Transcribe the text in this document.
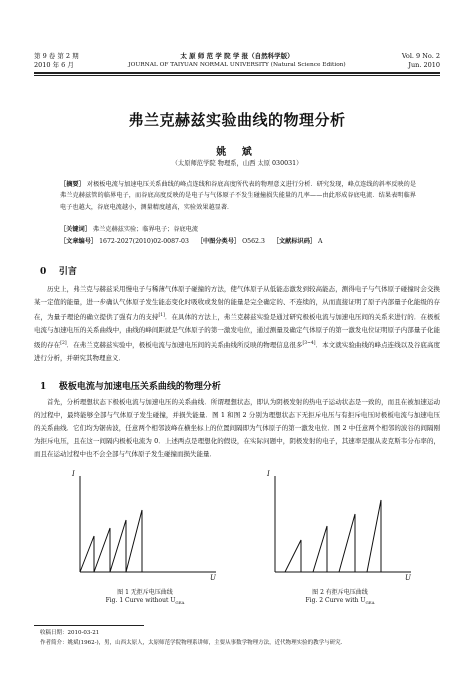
第 9 卷 第 2 期
2010 年 6 月
太 原 师 范 学 院 学 报（自然科学版）
JOURNAL OF TAIYUAN NORMAL UNIVERSITY (Natural Science Edition)
Vol. 9 No. 2
Jun. 2010
弗兰克赫兹实验曲线的物理分析
姚 斌
（太原师范学院 物理系，山西 太原 030031）
［摘要］ 对极板电流与加速电压关系曲线的峰点连线和谷底高度所代表的物理意义进行分析．研究发现，峰点连线的斜率反映的是弗兰克赫兹管的临界电子，而谷底高度反映的是电子与气体原子不发生碰撞损失能量的几率——由此形成谷底电流．结果表明临界电子也越大，谷底电流越小，测量精度越高，实验效果越显著．
［关键词］ 弗兰克赫兹实验；临界电子；谷底电流
［文章编号］ 1672-2027(2010)02-0087-03 ［中图分类号］ O562.3 ［文献标识码］ A
0 引言
历史上，弗兰克与赫兹采用慢电子与稀薄气体原子碰撞的方法，使气体原子从低能态激发到较高能态，测得电子与气体原子碰撞时会交换某一定值的能量，进一步确认气体原子发生能态变化时吸收或发射的能量是完全确定的、不连续的，从而直接证明了原子内部量子化能级的存在，为量子理论的确立提供了强有力的支持[1]．在具体的方法上，弗兰克赫兹实验是通过研究极板电流与加速电压间的关系来进行的．在极板电流与加速电压的关系曲线中，曲线的峰间距就是气体原子的第一激发电位，通过测量及确定气体原子的第一激发电位证明原子内部量子化能级的存在[2]．在弗兰克赫兹实验中，极板电流与加速电压间的关系曲线所反映的物理信息很多[3~4]．本文就实验曲线的峰点连线以及谷底高度进行分析，并研究其物理意义．
1 极板电流与加速电压关系曲线的物理分析
首先，分析理想状态下极板电流与加速电压的关系曲线．所谓理想状态，即认为阴极发射的热电子运动状态是一致的，而且在被加速运动的过程中，最终能够全部与气体原子发生碰撞，并损失能量．图 1 和图 2 分别为理想状态下无拒斥电压与有拒斥电压时极板电流与加速电压的关系曲线．它们均为锯齿波，任意两个相邻波峰在横坐标上的位置间隔即为气体原子的第一激发电位．图 2 中任意两个相邻的波谷的间隔刚为拒斥电压，且在这一间隔内极板电流为 0．上述两点是理想化的假设，在实际问题中，阴极发射的电子，其速率是服从麦克斯韦分布率的，而且在运动过程中也不会全部与气体原子发生碰撞而损失能量．
I
U
图 1 无拒斥电压曲线
Fig. 1 Curve without $U_{GEA}$
I
U
图 2 有拒斥电压曲线
Fig. 2 Curve with $U_{GEA}$
收稿日期：2010-03-21
作者简介：姚斌(1962-)，男，山西太原人，太原师范学院物理系讲师，主要从事数学物理方法，近代物理实验的教学与研究．
